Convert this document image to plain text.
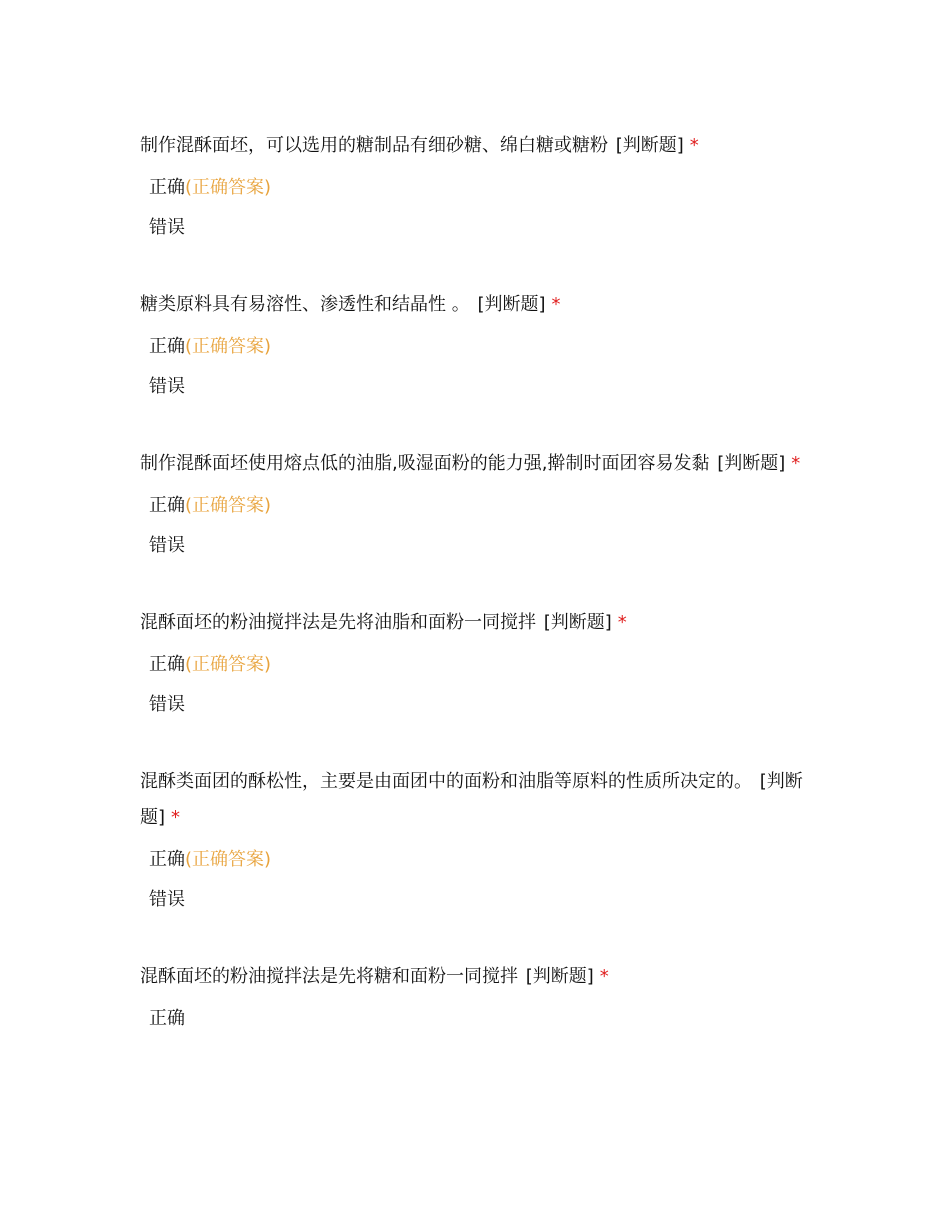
制作混酥面坯，可以选用的糖制品有细砂糖、绵白糖或糖粉 [判断题] *
正确(正确答案)
错误
糖类原料具有易溶性、渗透性和结晶性 。 [判断题] *
正确(正确答案)
错误
制作混酥面坯使用熔点低的油脂,吸湿面粉的能力强,擀制时面团容易发黏 [判断题] *
正确(正确答案)
错误
混酥面坯的粉油搅拌法是先将油脂和面粉一同搅拌 [判断题] *
正确(正确答案)
错误
混酥类面团的酥松性，主要是由面团中的面粉和油脂等原料的性质所决定的。 [判断题] *
正确(正确答案)
错误
混酥面坯的粉油搅拌法是先将糖和面粉一同搅拌 [判断题] *
正确
